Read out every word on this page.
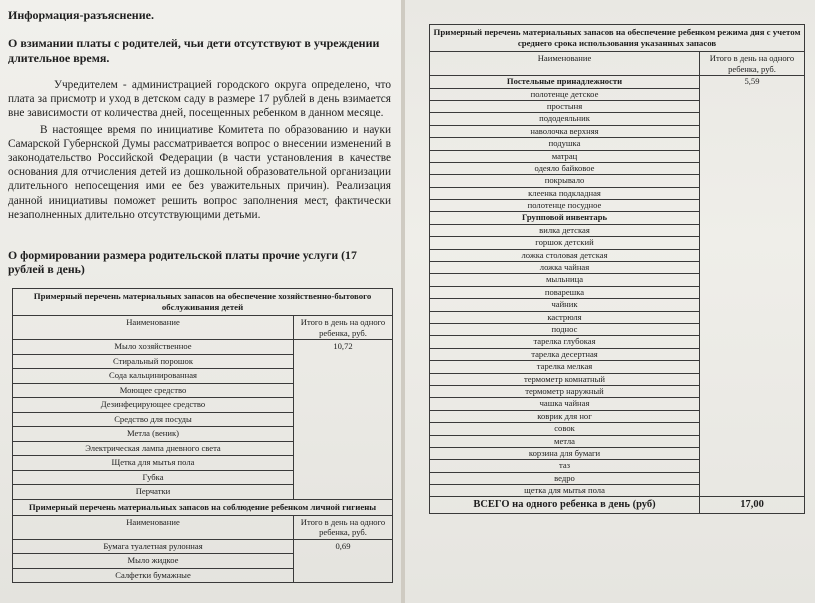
Информация-разъяснение.
О взимании платы с родителей, чьи дети отсутствуют в учреждении длительное время.
Учредителем - администрацией городского округа определено, что плата за присмотр и уход в детском саду в размере 17 рублей в день взимается вне зависимости от количества дней, посещенных ребенком в данном месяце.
В настоящее время по инициативе Комитета по образованию и науки Самарской Губернской Думы рассматривается вопрос о внесении изменений в законодательство Российской Федерации (в части установления в качестве основания для отчисления детей из дошкольной образовательной организации длительного непосещения ими ее без уважительных причин). Реализация данной инициативы поможет решить вопрос заполнения мест, фактически незаполненных длительно отсутствующими детьми.
О формировании размера родительской платы прочие услуги (17 рублей в день)
Примерный перечень материальных запасов на обеспечение хозяйственно-бытового обслуживания детей	
Наименование	Итого в день на одного ребенка, руб.
Мыло хозяйственное	10,72
Стиральный порошок	
Сода кальцинированная	
Моющее средство	
Дезинфецирующее средство	
Средство для посуды	
Метла (веник)	
Электрическая лампа дневного света	
Щетка для мытья пола	
Губка	
Перчатки	
Примерный перечень материальных запасов на соблюдение ребенком личной гигиены	
Наименование	Итого в день на одного ребенка, руб.
Бумага туалетная рулонная	0,69
Мыло жидкое	
Салфетки бумажные	
Примерный перечень материальных запасов на обеспечение ребенком режима дня с учетом среднего срока использования указанных запасов	
Наименование	Итого в день на одного ребенка, руб.
Постельные принадлежности	5,59
полотенце детское	
простыня	
пододеяльник	
наволочка верхняя	
подушка	
матрац	
одеяло байковое	
покрывало	
клеенка подкладная	
полотенце посудное	
Групповой инвентарь	
вилка детская	
горшок детский	
ложка столовая детская	
ложка чайная	
мыльница	
поварешка	
чайник	
кастрюля	
поднос	
тарелка глубокая	
тарелка десертная	
тарелка мелкая	
термометр комнатный	
термометр наружный	
чашка чайная	
коврик для ног	
совок	
метла	
корзина для бумаги	
таз	
ведро	
щетка для мытья пола	
ВСЕГО на одного ребенка в день (руб)	17,00
